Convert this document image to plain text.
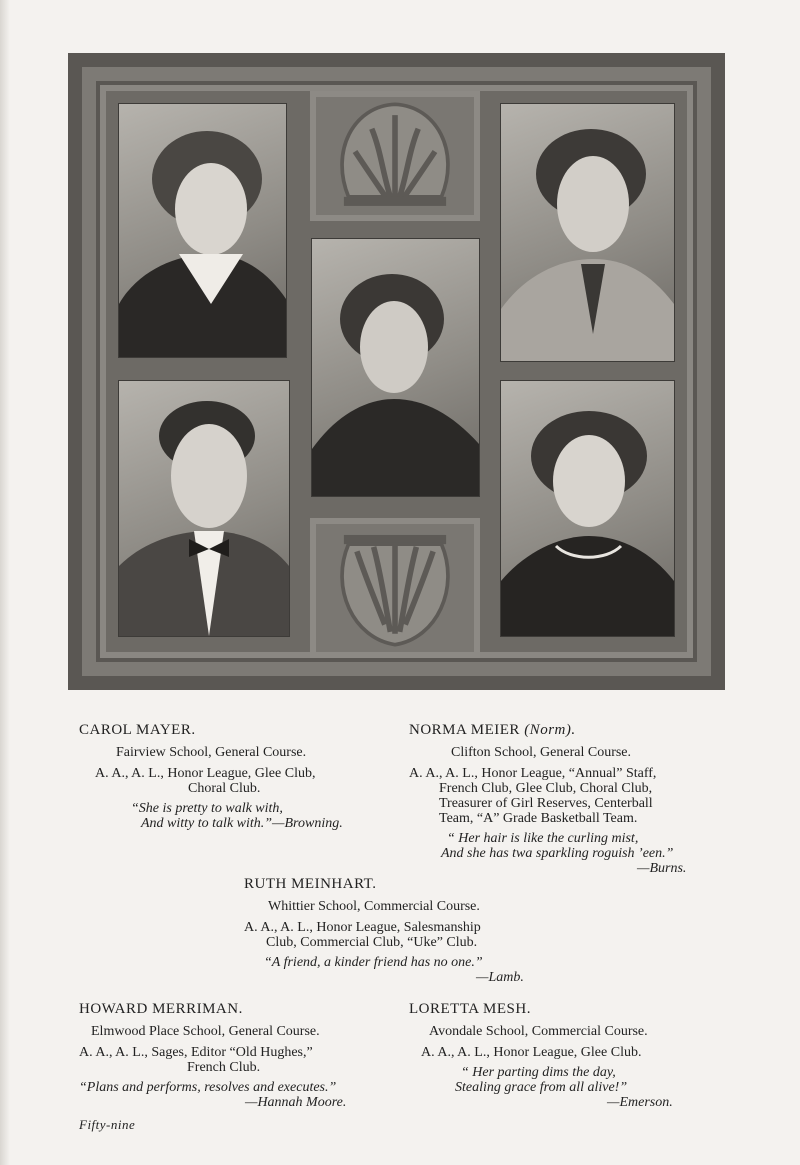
CAROL MAYER.
Fairview School, General Course.
A. A., A. L., Honor League, Glee Club,
Choral Club.
“She is pretty to walk with,
And witty to talk with.”—Browning.
NORMA MEIER (Norm).
Clifton School, General Course.
A. A., A. L., Honor League, “Annual” Staff,
French Club, Glee Club, Choral Club,
Treasurer of Girl Reserves, Centerball
Team, “A” Grade Basketball Team.
“ Her hair is like the curling mist,
And she has twa sparkling roguish ’een.”
—Burns.
RUTH MEINHART.
Whittier School, Commercial Course.
A. A., A. L., Honor League, Salesmanship
Club, Commercial Club, “Uke” Club.
“A friend, a kinder friend has no one.”
—Lamb.
HOWARD MERRIMAN.
Elmwood Place School, General Course.
A. A., A. L., Sages, Editor “Old Hughes,”
French Club.
“Plans and performs, resolves and executes.”
—Hannah Moore.
LORETTA MESH.
Avondale School, Commercial Course.
A. A., A. L., Honor League, Glee Club.
“ Her parting dims the day,
Stealing grace from all alive!”
—Emerson.
Fifty-nine
